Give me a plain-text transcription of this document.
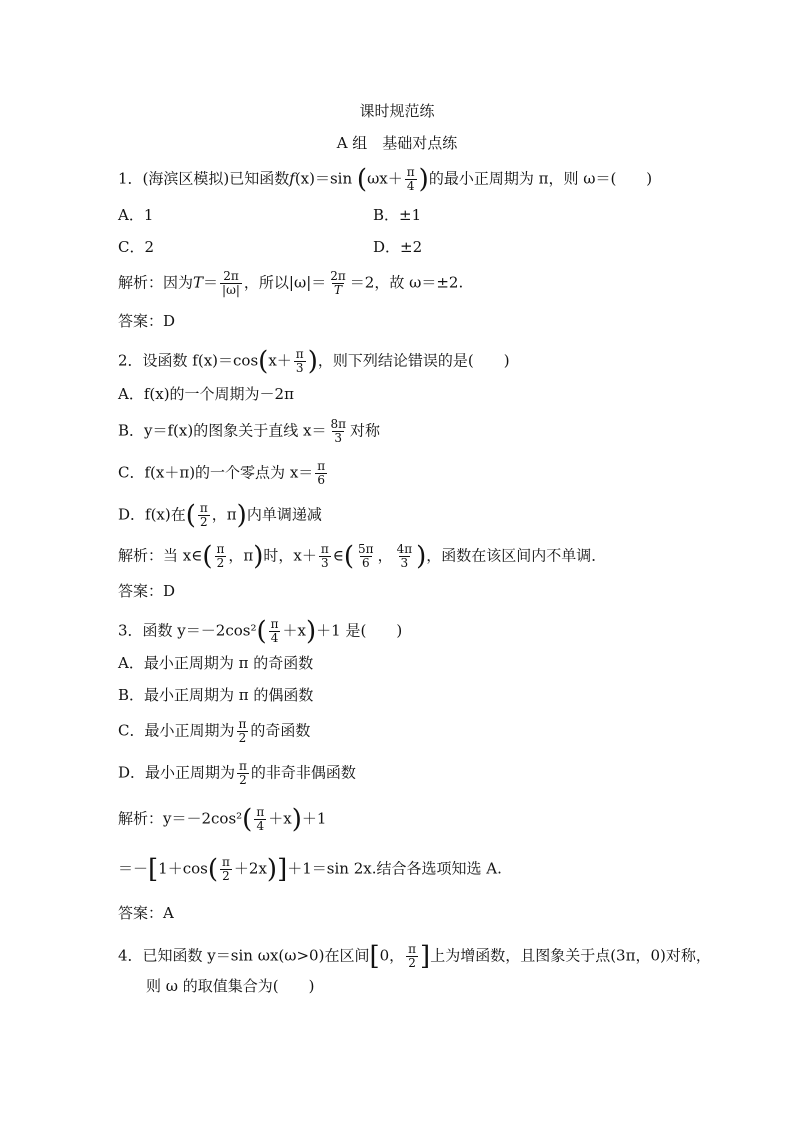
课时规范练
A 组　基础对点练
1．(海滨区模拟)已知函数f(x)＝sin ($\omega x+ \frac{\pi}{4}$ )的最小正周期为 π，则 ω＝(　　)
A．1	B．±1
C．2	D．±2
解析：因为$T= \frac{2\pi}{|\omega|}$ ，所以$|\omega|= \frac{2\pi}{T} =2$，故 ω＝±2.
答案：D
2．设函数 $f(x)=\cos(x+ \frac{\pi}{3}$ )，则下列结论错误的是(　　)
A．f(x)的一个周期为－2π
B．y＝f(x)的图象关于直线 $x= \frac{8\pi}{3}$ 对称
C．f(x＋π)的一个零点为 $x= \frac{\pi}{6}$
D．f(x)在( $\frac{\pi}{2}$ ，π)内单调递减
解析：当 x∈( $\frac{\pi}{2}$ ，π)时，$x+ \frac{\pi}{3}$ ∈( $\frac{5\pi}{6}$ ， $\frac{4\pi}{3}$ )，函数在该区间内不单调．
答案：D
3．函数 $y=-2\cos^2( \frac{\pi}{4} +x)+1$ 是(　　)
A．最小正周期为 π 的奇函数
B．最小正周期为 π 的偶函数
C．最小正周期为 $\frac{\pi}{2}$ 的奇函数
D．最小正周期为 $\frac{\pi}{2}$ 的非奇非偶函数
解析：$y=-2\cos^2( \frac{\pi}{4} +x)+1$
$=-[1+\cos( \frac{\pi}{2} +2x)]+1=\sin$ 2x.结合各选项知选 A.
答案：A
4．已知函数 y＝sin ωx(ω>0)在区间[0， $\frac{\pi}{2}$ ]上为增函数，且图象关于点(3π，0)对称，
则 ω 的取值集合为(　　)
